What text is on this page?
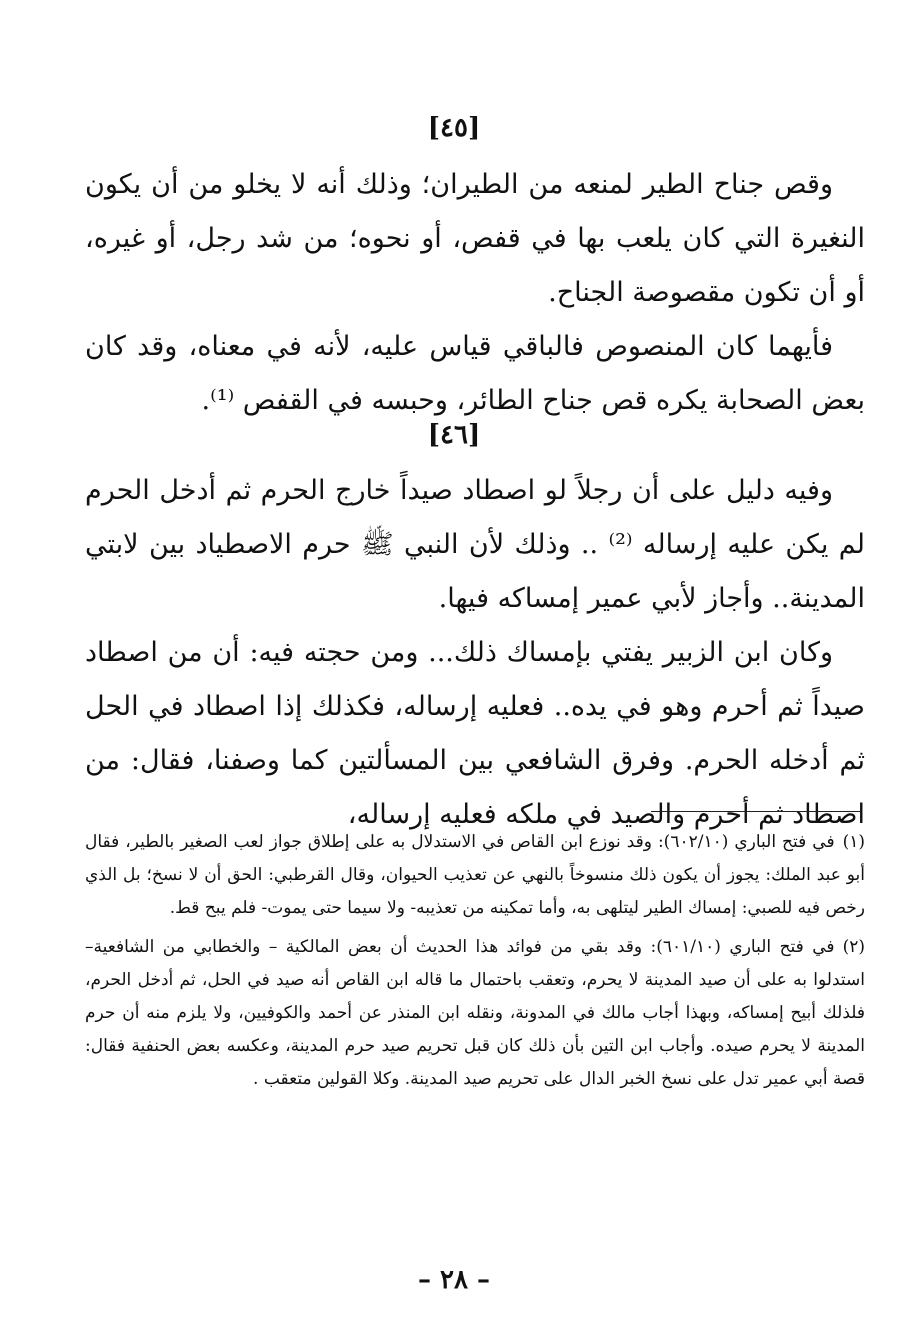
[٤٥]

وقص جناح الطير لمنعه من الطيران؛ وذلك أنه لا يخلو من أن يكون النغيرة التي كان يلعب بها في قفص، أو نحوه؛ من شد رجل، أو غيره، أو أن تكون مقصوصة الجناح.

فأيهما كان المنصوص فالباقي قياس عليه، لأنه في معناه، وقد كان بعض الصحابة يكره قص جناح الطائر، وحبسه في القفص ⁽¹⁾.

[٤٦]

وفيه دليل على أن رجلاً لو اصطاد صيداً خارج الحرم ثم أدخل الحرم لم يكن عليه إرساله ⁽²⁾ .. وذلك لأن النبي ﷺ حرم الاصطياد بين لابتي المدينة.. وأجاز لأبي عمير إمساكه فيها.

وكان ابن الزبير يفتي بإمساك ذلك... ومن حجته فيه: أن من اصطاد صيداً ثم أحرم وهو في يده.. فعليه إرساله، فكذلك إذا اصطاد في الحل ثم أدخله الحرم. وفرق الشافعي بين المسألتين كما وصفنا، فقال: من اصطاد ثم أحرم والصيد في ملكه فعليه إرساله،

(١)في فتح الباري (٦٠٢/١٠): وقد نوزع ابن القاص في الاستدلال به على إطلاق جواز لعب الصغير بالطير، فقال أبو عبد الملك: يجوز أن يكون ذلك منسوخاً بالنهي عن تعذيب الحيوان، وقال القرطبي: الحق أن لا نسخ؛ بل الذي رخص فيه للصبي: إمساك الطير ليتلهى به، وأما تمكينه من تعذيبه- ولا سيما حتى يموت- فلم يبح قط.

(٢)في فتح الباري (٦٠١/١٠): وقد بقي من فوائد هذا الحديث أن بعض المالكية – والخطابي من الشافعية– استدلوا به على أن صيد المدينة لا يحرم، وتعقب باحتمال ما قاله ابن القاص أنه صيد في الحل، ثم أدخل الحرم، فلذلك أبيح إمساكه، وبهذا أجاب مالك في المدونة، ونقله ابن المنذر عن أحمد والكوفيين، ولا يلزم منه أن حرم المدينة لا يحرم صيده. وأجاب ابن التين بأن ذلك كان قبل تحريم صيد حرم المدينة، وعكسه بعض الحنفية فقال: قصة أبي عمير تدل على نسخ الخبر الدال على تحريم صيد المدينة. وكلا القولين متعقب .

– ٢٨ –
